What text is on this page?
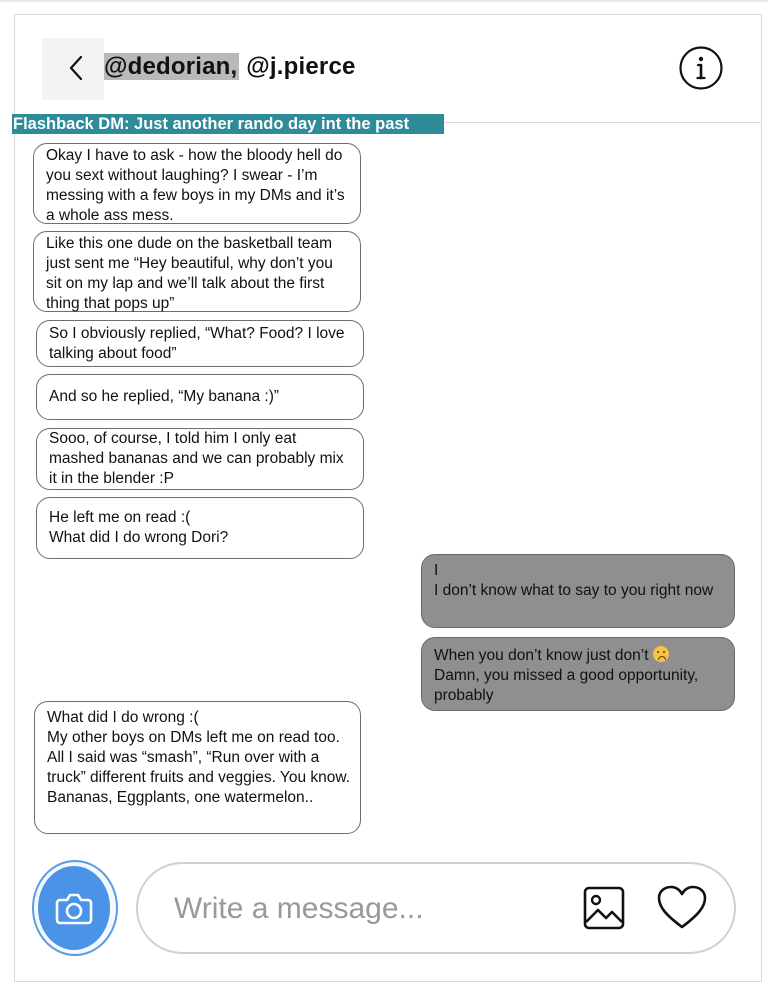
@dedorian, @j.pierce
Flashback DM: Just another rando day int the past
Okay I have to ask - how the bloody hell do you sext without laughing? I swear - I’m messing with a few boys in my DMs and it’s a whole ass mess.
Like this one dude on the basketball team just sent me “Hey beautiful, why don’t you sit on my lap and we’ll talk about the first thing that pops up”
So I obviously replied, “What? Food? I love talking about food”
And so he replied, “My banana :)”
Sooo, of course, I told him I only eat mashed bananas and we can probably mix it in the blender :P
He left me on read :(
What did I do wrong Dori?
I
I don’t know what to say to you right now
When you don’t know just don’t
Damn, you missed a good opportunity, probably
What did I do wrong :(
My other boys on DMs left me on read too. All I said was “smash”, “Run over with a truck” different fruits and veggies. You know. Bananas, Eggplants, one watermelon..
Write a message...
